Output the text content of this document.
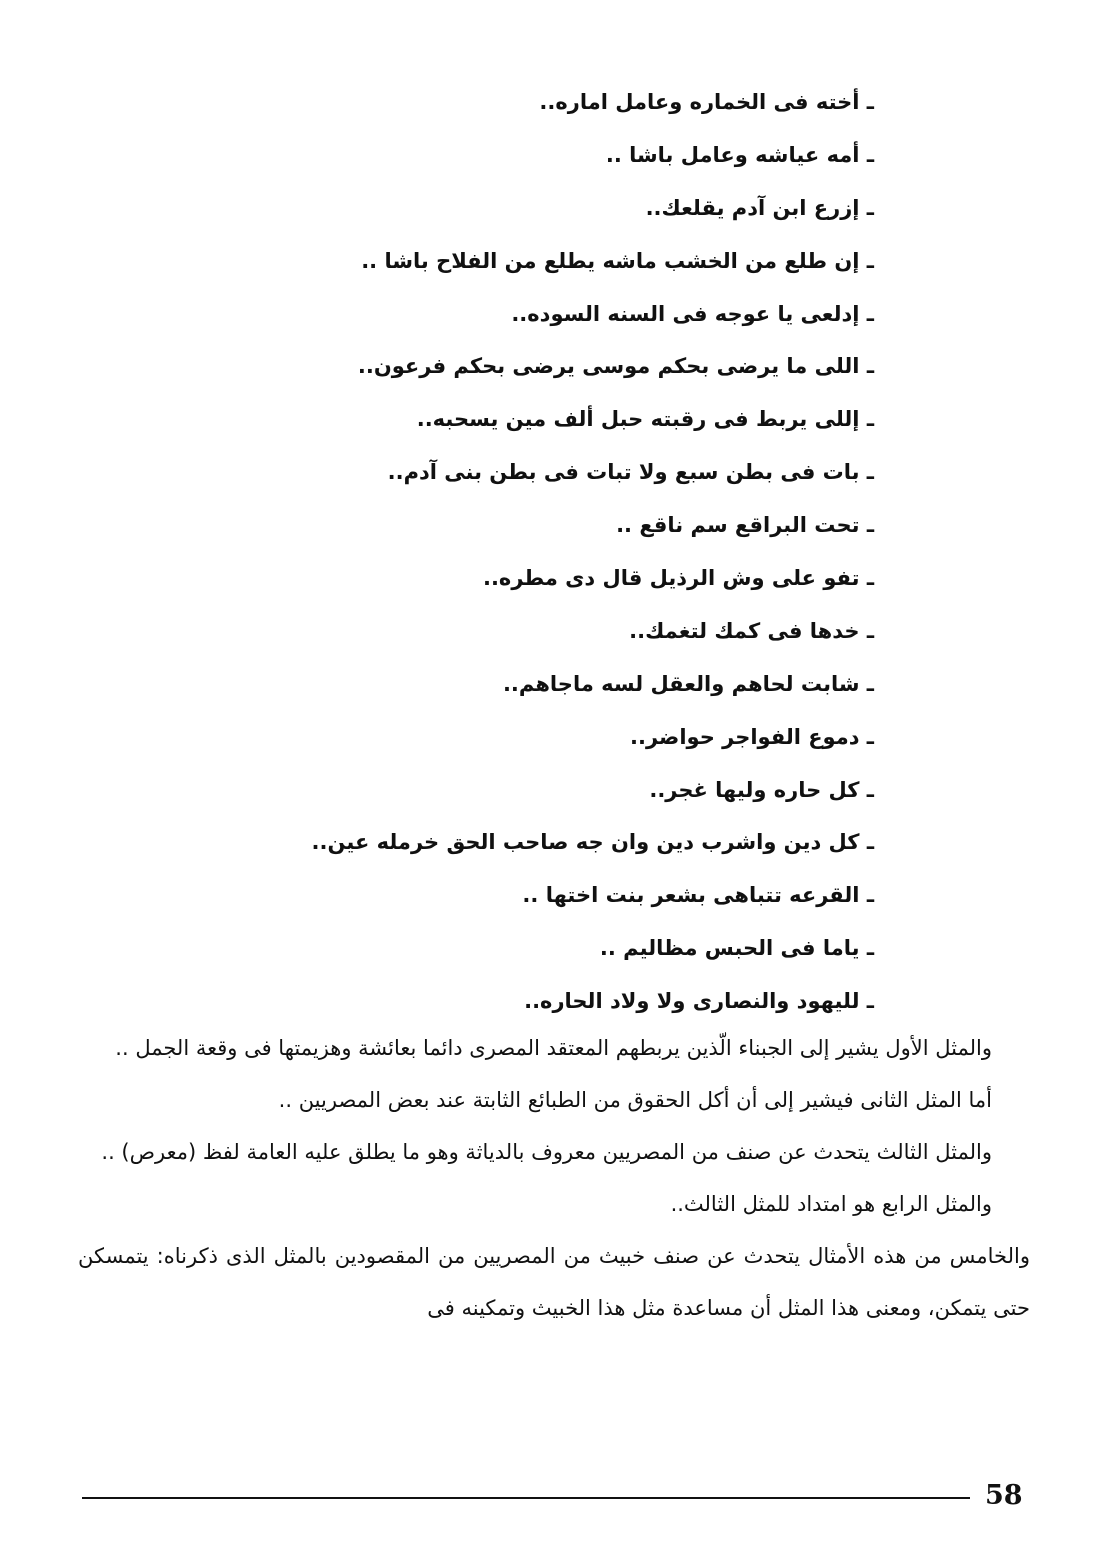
ـ أخته فى الخماره وعامل اماره..
ـ أمه عياشه وعامل باشا ..
ـ إزرع ابن آدم يقلعك..
ـ إن طلع من الخشب ماشه يطلع من الفلاح باشا ..
ـ إدلعى يا عوجه فى السنه السوده..
ـ اللى ما يرضى بحكم موسى يرضى بحكم فرعون..
ـ إللى يربط فى رقبته حبل ألف مين يسحبه..
ـ بات فى بطن سبع ولا تبات فى بطن بنى آدم..
ـ تحت البراقع سم ناقع ..
ـ تفو على وش الرذيل قال دى مطره..
ـ خدها فى كمك لتغمك..
ـ شابت لحاهم والعقل لسه ماجاهم..
ـ دموع الفواجر حواضر..
ـ كل حاره وليها غجر..
ـ كل دين واشرب دين وان جه صاحب الحق خرمله عين..
ـ القرعه تتباهى بشعر بنت اختها ..
ـ ياما فى الحبس مظاليم ..
ـ لليهود والنصارى ولا ولاد الحاره..

والمثل الأول يشير إلى الجبناء الّذين يربطهم المعتقد المصرى دائما بعائشة وهزيمتها فى وقعة الجمل ..

أما المثل الثانى فيشير إلى أن أكل الحقوق من الطبائع الثابتة عند بعض المصريين ..

والمثل الثالث يتحدث عن صنف من المصريين معروف بالدياثة وهو ما يطلق عليه العامة لفظ (معرص) ..

والمثل الرابع هو امتداد للمثل الثالث..

والخامس من هذه الأمثال يتحدث عن صنف خبيث من المصريين من المقصودين بالمثل الذى ذكرناه: يتمسكن حتى يتمكن، ومعنى هذا المثل أن مساعدة مثل هذا الخبيث وتمكينه فى

58
